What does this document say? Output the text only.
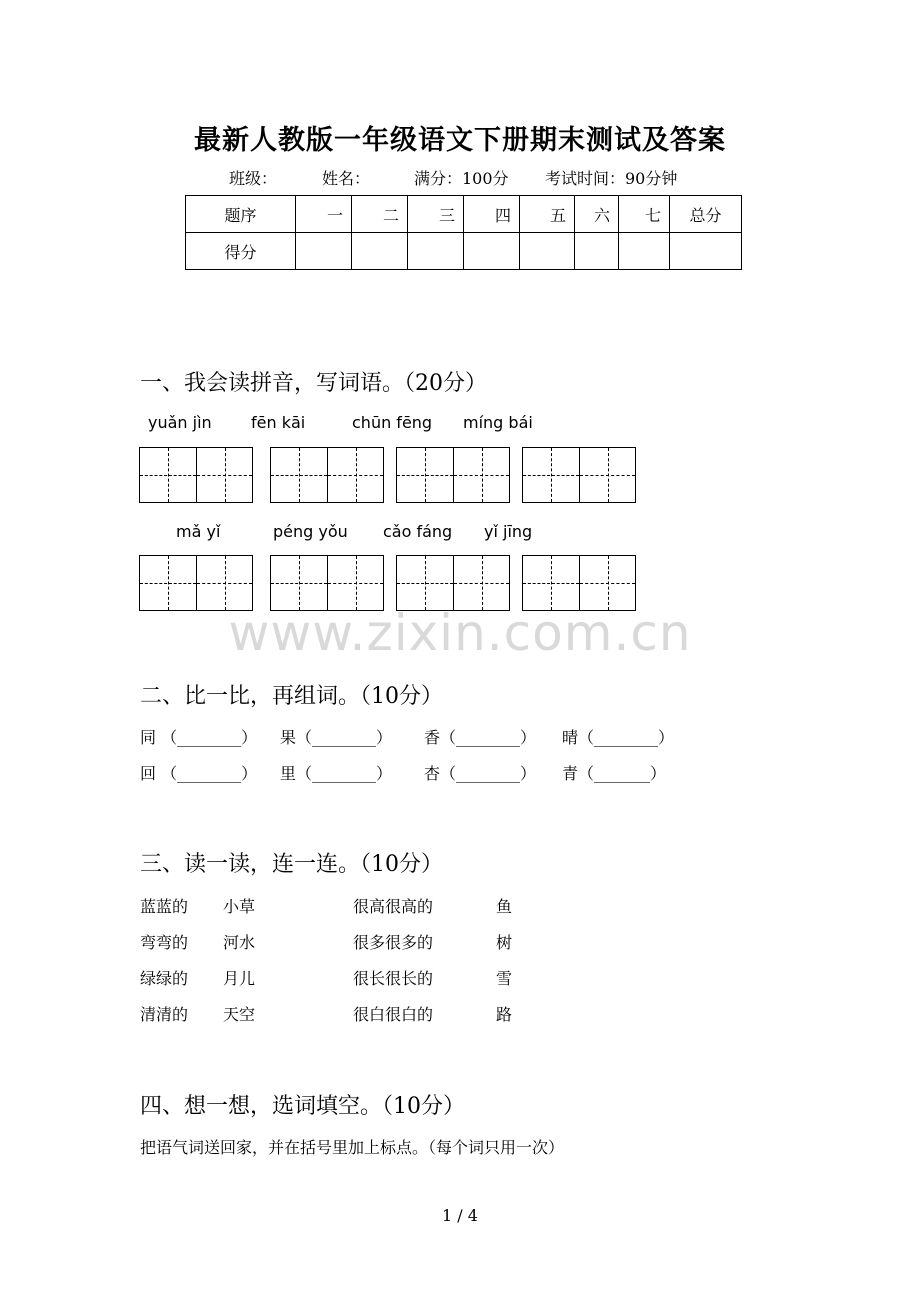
最新人教版一年级语文下册期末测试及答案
班级：	姓名：	满分：100分 考试时间：90分钟
题序	一	二	三	四	五	六	七	总分
得分								
一、我会读拼音，写词语。（20分）
yuǎn jìn fēn kāi	chūn fēng míng bái
mǎ yǐ	péng yǒu cǎo fáng yǐ jīng
www.zixin.com.cn
二、比一比，再组词。（10分）
同 （________） 果（________） 香（________） 晴（________）
回 （________） 里（________） 杏（________） 青（_______）
三、读一读，连一连。（10分）
蓝蓝的 小草	很高很高的	鱼
弯弯的 河水	很多很多的	树
绿绿的 月儿	很长很长的	雪
清清的 天空	很白很白的	路
四、想一想，选词填空。（10分）
把语气词送回家，并在括号里加上标点。（每个词只用一次）
1 / 4
